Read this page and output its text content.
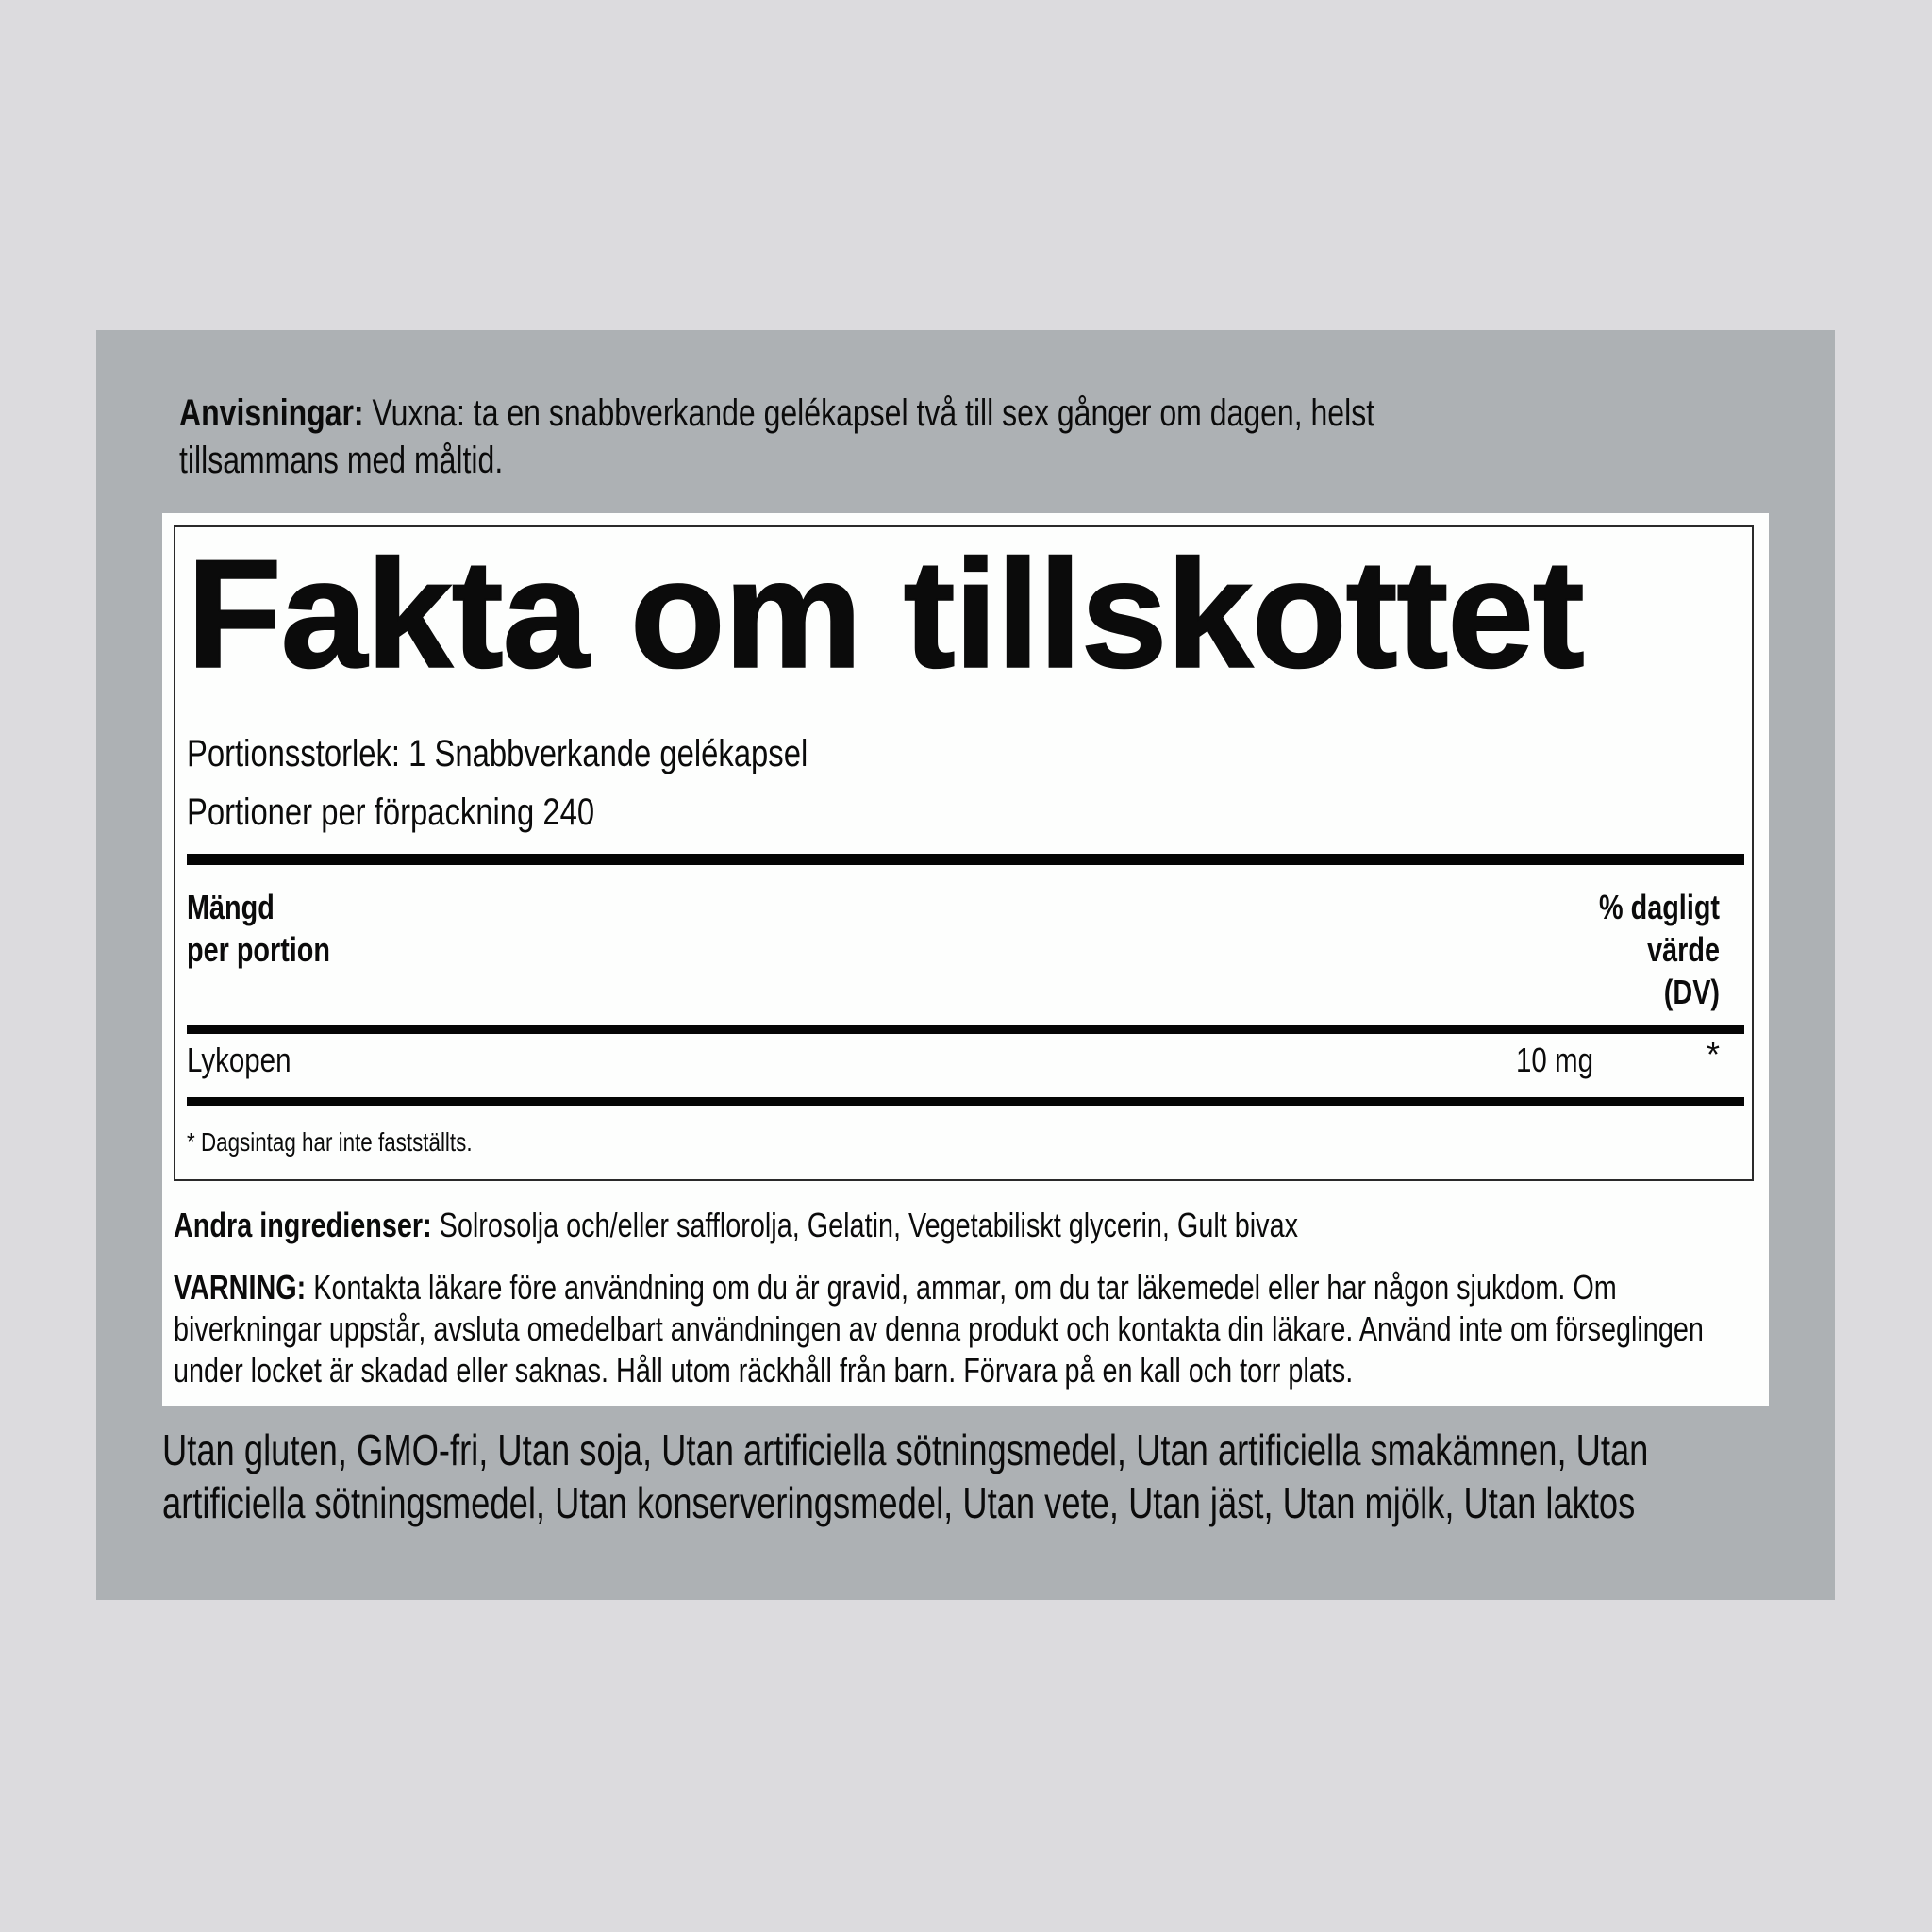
Anvisningar: Vuxna: ta en snabbverkande gelékapsel två till sex gånger om dagen, helst tillsammans med måltid.
Fakta om tillskottet
Portionsstorlek: 1 Snabbverkande gelékapsel
Portioner per förpackning 240
Mängd
per portion
% dagligt
värde
(DV)
Lykopen	10 mg	*
* Dagsintag har inte fastställts.
Andra ingredienser: Solrosolja och/eller safflorolja, Gelatin, Vegetabiliskt glycerin, Gult bivax
VARNING: Kontakta läkare före användning om du är gravid, ammar, om du tar läkemedel eller har någon sjukdom. Om biverkningar uppstår, avsluta omedelbart användningen av denna produkt och kontakta din läkare. Använd inte om förseglingen under locket är skadad eller saknas. Håll utom räckhåll från barn. Förvara på en kall och torr plats.
Utan gluten, GMO-fri, Utan soja, Utan artificiella sötningsmedel, Utan artificiella smakämnen, Utan artificiella sötningsmedel, Utan konserveringsmedel, Utan vete, Utan jäst, Utan mjölk, Utan laktos
